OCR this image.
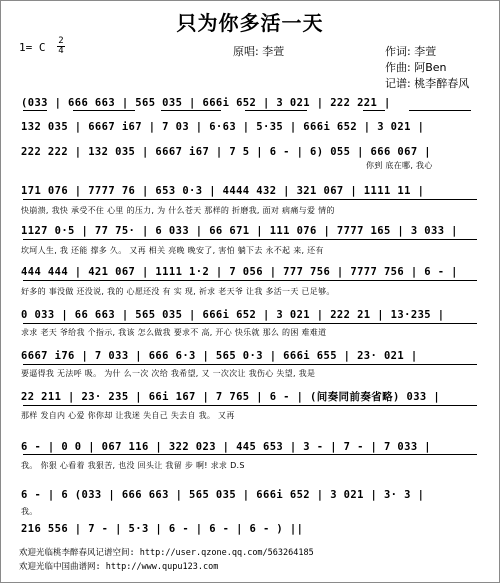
只为你多活一天
1= C 2
4	原唱: 李萱	作词: 李萱
作曲: 阿Ben
记谱: 桃李醉春风
(033 | 666 663 | 565 035 | 666i 652 | 3 021 | 222 221 |
132 035 | 6667 i67 | 7 03 | 6·63 | 5·35 | 666i 652 | 3 021 |
222 222 | 132 035 | 6667 i67 | 7 5 | 6 - | 6) 055 | 666 067 |
你到 底在哪, 我心
171 076 | 7777 76 | 653 0·3 | 4444 432 | 321 067 | 1111 11 |
快崩溃, 我快 承受不住 心里 的压力, 为 什么苍天 那样的 折磨我, 面对 病痛与爱 情的
1127 0·5 | 77 75· | 6 033 | 66 671 | 111 076 | 7777 165 | 3 033 |
坎坷人生, 我 还能 撑多 久。 又再 相关 亮晚 晚安了, 害怕 躺下去 永不起 来, 还有
444 444 | 421 067 | 1111 1·2 | 7 056 | 777 756 | 7777 756 | 6 - |
好多的 事没做 还没说, 我的 心愿还没 有 实 现, 祈求 老天爷 让我 多活一天 已足够。
0 033 | 66 663 | 565 035 | 666i 652 | 3 021 | 222 21 | 13·235 |
求求 老天 爷给我 个指示, 我该 怎么做我 要求不 高, 开心 快乐就 那么 的困 难难道
6667 i76 | 7 033 | 666 6·3 | 565 0·3 | 666i 655 | 23· 021 |
要逼得我 无法呼 吸。 为什 么一次 次给 我希望, 又 一次次让 我伤心 失望, 我是
22 211 | 23· 235 | 66i 167 | 7 765 | 6 - | (间奏同前奏省略) 033 |
那样 发自内 心爱 你你却 让我迷 失自己 失去自 我。 又再
6 - | 0 0 | 067 116 | 322 023 | 445 653 | 3 - | 7 - | 7 033 |
我。 你狠 心看着 我狠苦, 也没 回头让 我留 步 啊! 求求 D.S
6 - | 6 (033 | 666 663 | 565 035 | 666i 652 | 3 021 | 3· 3 |
我。
216 556 | 7 - | 5·3 | 6 - | 6 - | 6 - ) ||
欢迎光临桃李醉春风记谱空间: http://user.qzone.qq.com/563264185
欢迎光临中国曲谱网: http://www.qupu123.com
